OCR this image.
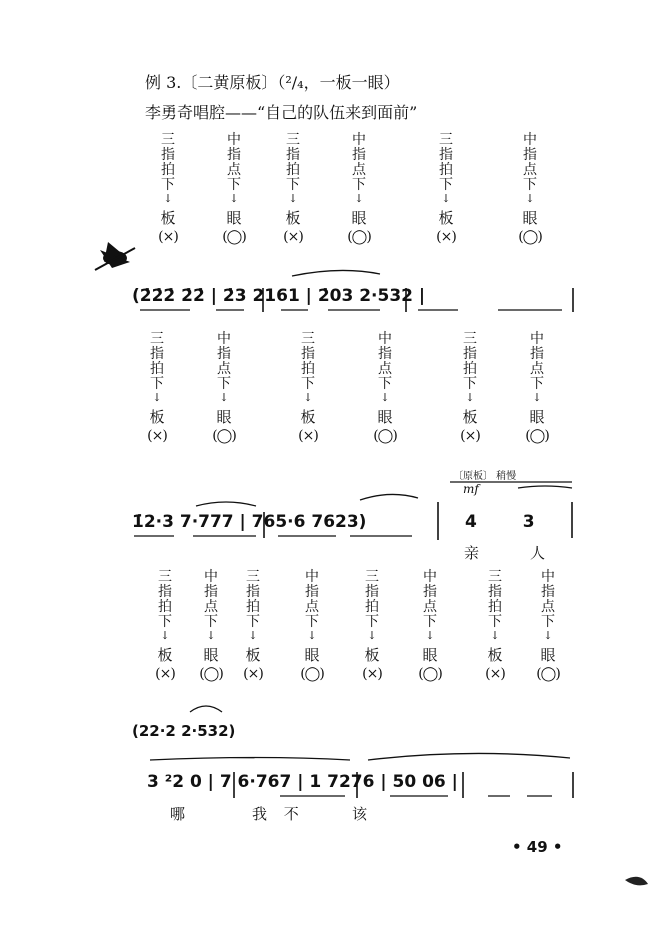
例 3.〔二黄原板〕（²/₄，一板一眼）
李勇奇唱腔——“自己的队伍来到面前”
三
指
拍
下
↓
板
(×)
中
指
点
下
↓
眼
(◯)
三
指
拍
下
↓
板
(×)
中
指
点
下
↓
眼
(◯)
三
指
拍
下
↓
板
(×)
中
指
点
下
↓
眼
(◯)
(2̇2̇2̇ 2̇2̇ | 2̇3 2161 | 2̇03 2·532 |
三
指
拍
下
↓
板
(×)
中
指
点
下
↓
眼
(◯)
三
指
拍
下
↓
板
(×)
中
指
点
下
↓
眼
(◯)
三
指
拍
下
↓
板
(×)
中
指
点
下
↓
眼
(◯)
〔原板〕 稍慢
mf
1̇2·3 7·777 | 765·6 7623)	4 3
亲	人
三
指
拍
下
↓
板
(×)
中
指
点
下
↓
眼
(◯)
三
指
拍
下
↓
板
(×)
中
指
点
下
↓
眼
(◯)
三
指
拍
下
↓
板
(×)
中
指
点
下
↓
眼
(◯)
三
指
拍
下
↓
板
(×)
中
指
点
下
↓
眼
(◯)
(22·2 2·532)
3 ²2 0 | 7 6·767 | 1 7276 | 50 06 |
哪	我 不	该
• 49 •
